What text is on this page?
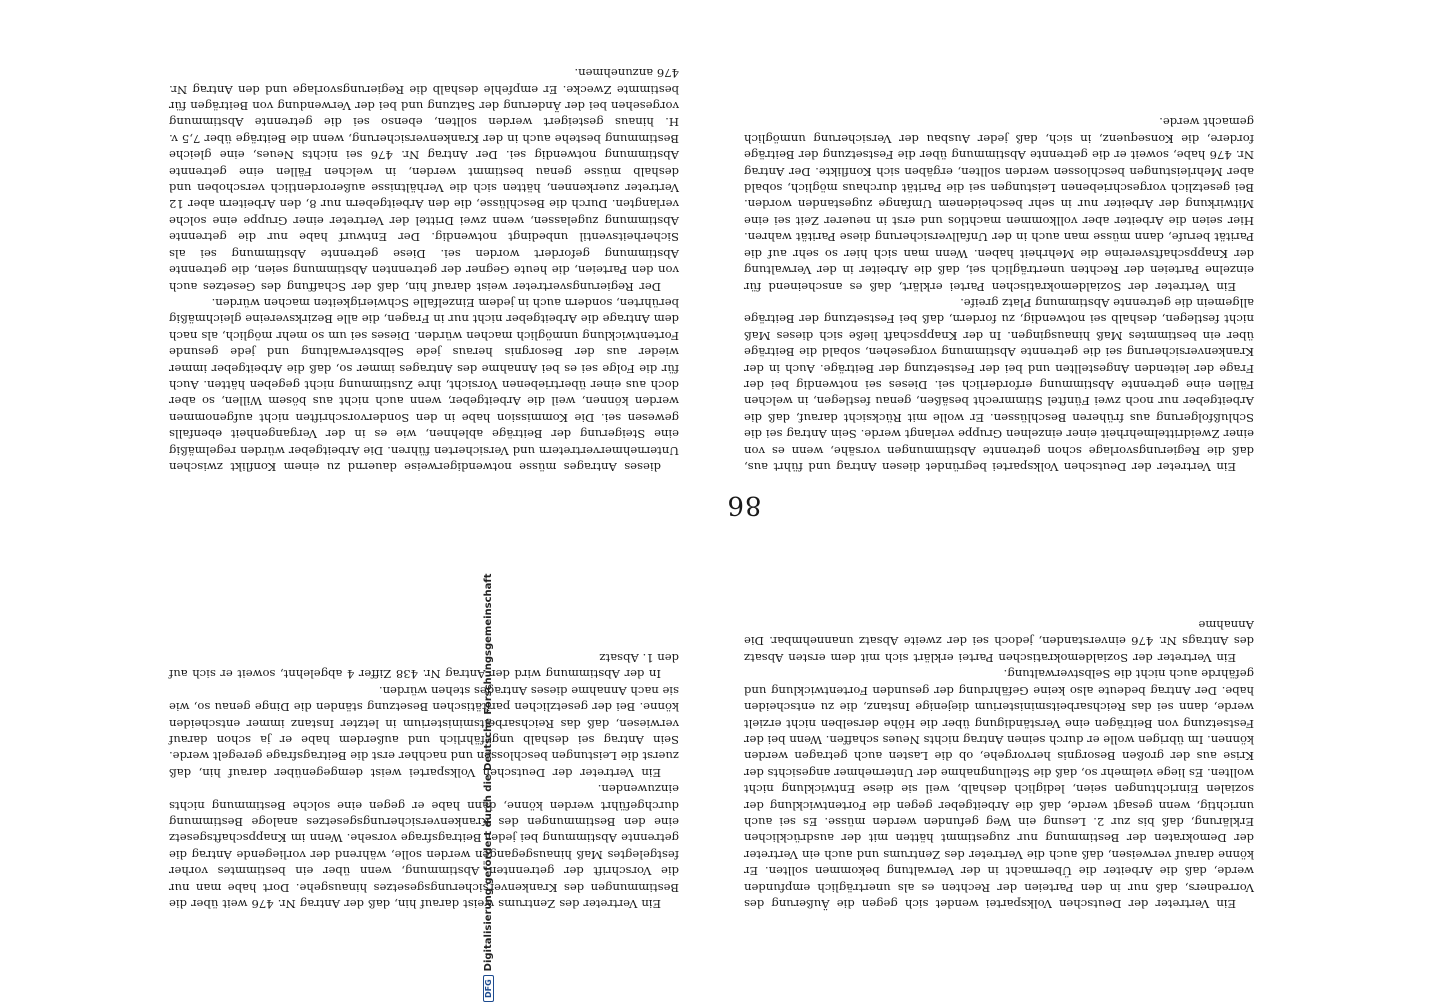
86

Ein Vertreter der Deutschen Volkspartei begründet diesen Antrag und führt aus, daß die Regierungsvorlage schon getrennte Abstimmungen vorsähe, wenn es von einer Zweidrittelmehrheit einer einzelnen Gruppe verlangt werde. Sein Antrag sei die Schlußfolgerung aus früheren Beschlüssen. Er wolle mit Rücksicht darauf, daß die Arbeitgeber nur noch zwei Fünftel Stimmrecht besäßen, genau festlegen, in welchen Fällen eine getrennte Abstimmung erforderlich sei. Dieses sei notwendig bei der Frage der leitenden Angestellten und bei der Festsetzung der Beiträge. Auch in der Krankenversicherung sei die getrennte Abstimmung vorgesehen, sobald die Beiträge über ein bestimmtes Maß hinausgingen. In der Knappschaft ließe sich dieses Maß nicht festlegen, deshalb sei notwendig, zu fordern, daß bei Festsetzung der Beiträge allgemein die getrennte Abstimmung Platz greife.

Ein Vertreter der Sozialdemokratischen Partei erklärt, daß es anscheinend für einzelne Parteien der Rechten unerträglich sei, daß die Arbeiter in der Verwaltung der Knappschaftsvereine die Mehrheit haben. Wenn man sich hier so sehr auf die Parität berufe, dann müsse man auch in der Unfallversicherung diese Parität wahren. Hier seien die Arbeiter aber vollkommen machtlos und erst in neuerer Zeit sei eine Mitwirkung der Arbeiter nur in sehr bescheidenem Umfange zugestanden worden. Bei gesetzlich vorgeschriebenen Leistungen sei die Parität durchaus möglich, sobald aber Mehrleistungen beschlossen werden sollten, ergäben sich Konflikte. Der Antrag Nr. 476 habe, soweit er die getrennte Abstimmung über die Festsetzung der Beiträge fordere, die Konsequenz, in sich, daß jeder Ausbau der Versicherung unmöglich gemacht werde.

Ein Vertreter der Deutschen Volkspartei wendet sich gegen die Äußerung des Vorredners, daß nur in den Parteien der Rechten es als unerträglich empfunden werde, daß die Arbeiter die Übermacht in der Verwaltung bekommen sollten. Er könne darauf verweisen, daß auch die Vertreter des Zentrums und auch ein Vertreter der Demokraten der Bestimmung nur zugestimmt hätten mit der ausdrücklichen Erklärung, daß bis zur 2. Lesung ein Weg gefunden werden müsse. Es sei auch unrichtig, wenn gesagt werde, daß die Arbeitgeber gegen die Fortentwicklung der sozialen Einrichtungen seien, lediglich deshalb, weil sie diese Entwicklung nicht wollten. Es liege vielmehr so, daß die Stellungnahme der Unternehmer angesichts der Krise aus der großen Besorgnis hervorgehe, ob die Lasten auch getragen werden können. Im übrigen wolle er durch seinen Antrag nichts Neues schaffen. Wenn bei der Festsetzung von Beiträgen eine Verständigung über die Höhe derselben nicht erzielt werde, dann sei das Reichsarbeitsministerium diejenige Instanz, die zu entscheiden habe. Der Antrag bedeute also keine Gefährdung der gesunden Fortentwicklung und gefährde auch nicht die Selbstverwaltung.

Ein Vertreter der Sozialdemokratischen Partei erklärt sich mit dem ersten Absatz des Antrags Nr. 476 einverstanden, jedoch sei der zweite Absatz unannehmbar. Die Annahme

dieses Antrages müsse notwendigerweise dauernd zu einem Konflikt zwischen Unternehmervertretern und Versicherten führen. Die Arbeitgeber würden regelmäßig eine Steigerung der Beiträge ablehnen, wie es in der Vergangenheit ebenfalls gewesen sei. Die Kommission habe in den Sondervorschriften nicht aufgenommen werden können, weil die Arbeitgeber, wenn auch nicht aus bösem Willen, so aber doch aus einer übertriebenen Vorsicht, ihre Zustimmung nicht gegeben hätten. Auch für die Folge sei es bei Annahme des Antrages immer so, daß die Arbeitgeber immer wieder aus der Besorgnis heraus jede Selbstverwaltung und jede gesunde Fortentwicklung unmöglich machen würden. Dieses sei um so mehr möglich, als nach dem Antrage die Arbeitgeber nicht nur in Fragen, die alle Bezirksvereine gleichmäßig berührten, sondern auch in jedem Einzelfalle Schwierigkeiten machen würden.

Der Regierungsvertreter weist darauf hin, daß der Schaffung des Gesetzes auch von den Parteien, die heute Gegner der getrennten Abstimmung seien, die getrennte Abstimmung gefordert worden sei. Diese getrennte Abstimmung sei als Sicherheitsventil unbedingt notwendig. Der Entwurf habe nur die getrennte Abstimmung zugelassen, wenn zwei Drittel der Vertreter einer Gruppe eine solche verlangten. Durch die Beschlüsse, die den Arbeitgebern nur 8, den Arbeitern aber 12 Vertreter zuerkennen, hätten sich die Verhältnisse außerordentlich verschoben und deshalb müsse genau bestimmt werden, in welchen Fällen eine getrennte Abstimmung notwendig sei. Der Antrag Nr. 476 sei nichts Neues, eine gleiche Bestimmung bestehe auch in der Krankenversicherung, wenn die Beiträge über 7,5 v. H. hinaus gesteigert werden sollten, ebenso sei die getrennte Abstimmung vorgesehen bei der Änderung der Satzung und bei der Verwendung von Beiträgen für bestimmte Zwecke. Er empfehle deshalb die Regierungsvorlage und den Antrag Nr. 476 anzunehmen.

Ein Vertreter des Zentrums weist darauf hin, daß der Antrag Nr. 476 weit über die Bestimmungen des Krankenversicherungsgesetzes hinausgehe. Dort habe man nur die Vorschrift der getrennten Abstimmung, wenn über ein bestimmtes vorher festgelegtes Maß hinausgegangen werden solle, während der vorliegende Antrag die getrennte Abstimmung bei jeder Beitragsfrage vorsehe. Wenn im Knappschaftsgesetz eine den Bestimmungen des Krankenversicherungsgesetzes analoge Bestimmung durchgeführt werden könne, dann habe er gegen eine solche Bestimmung nichts einzuwenden.

Ein Vertreter der Deutschen Volkspartei weist demgegenüber darauf hin, daß zuerst die Leistungen beschlossen und nachher erst die Beitragsfrage geregelt werde. Sein Antrag sei deshalb ungefährlich und außerdem habe er ja schon darauf verwiesen, daß das Reichsarbeitsministerium in letzter Instanz immer entscheiden könne. Bei der gesetzlichen paritätischen Besetzung ständen die Dinge genau so, wie sie nach Annahme dieses Antrages stehen würden.

In der Abstimmung wird der Antrag Nr. 438 Ziffer 4 abgelehnt, soweit er sich auf den 1. Absatz

DFGDigitalisierung gefördert durch die Deutsche Forschungsgemeinschaft
